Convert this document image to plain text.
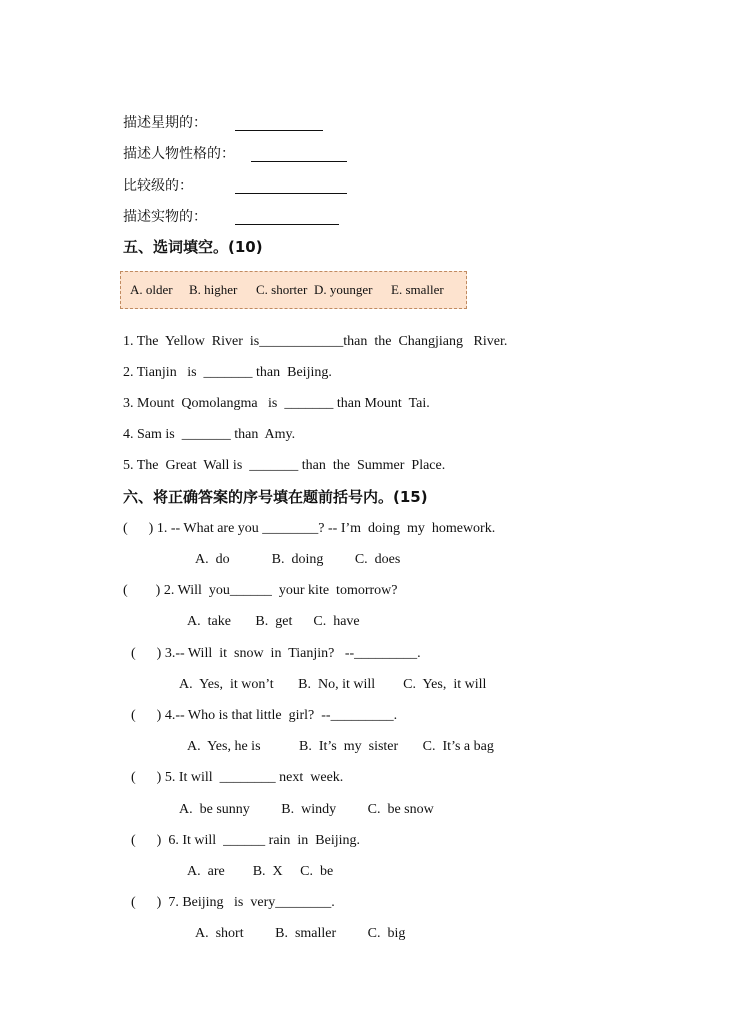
描述星期的：
描述人物性格的：
比较级的：
描述实物的：
五、选词填空。(10)
A. older B. higher C. shorter D. younger E. smaller
1. The  Yellow  River  is____________than  the  Changjiang   River.
2. Tianjin   is  _______ than  Beijing.
3. Mount  Qomolangma   is  _______ than Mount  Tai.
4. Sam is  _______ than  Amy.
5. The  Great  Wall is  _______ than  the  Summer  Place.
六、将正确答案的序号填在题前括号内。(15)
(      ) 1. -- What are you ________? -- I’m  doing  my  homework.
A.  do            B.  doing         C.  does
(        ) 2. Will  you______  your kite  tomorrow?
A.  take       B.  get      C.  have
(      ) 3.-- Will  it  snow  in  Tianjin?   --_________.
A.  Yes,  it won’t       B.  No, it will        C.  Yes,  it will
(      ) 4.-- Who is that little  girl?  --_________.
A.  Yes, he is           B.  It’s  my  sister       C.  It’s a bag
(      ) 5. It will  ________ next  week.
A.  be sunny         B.  windy         C.  be snow
(      )  6. It will  ______ rain  in  Beijing.
A.  are        B.  X     C.  be
(      )  7. Beijing   is  very________.
A.  short         B.  smaller         C.  big
